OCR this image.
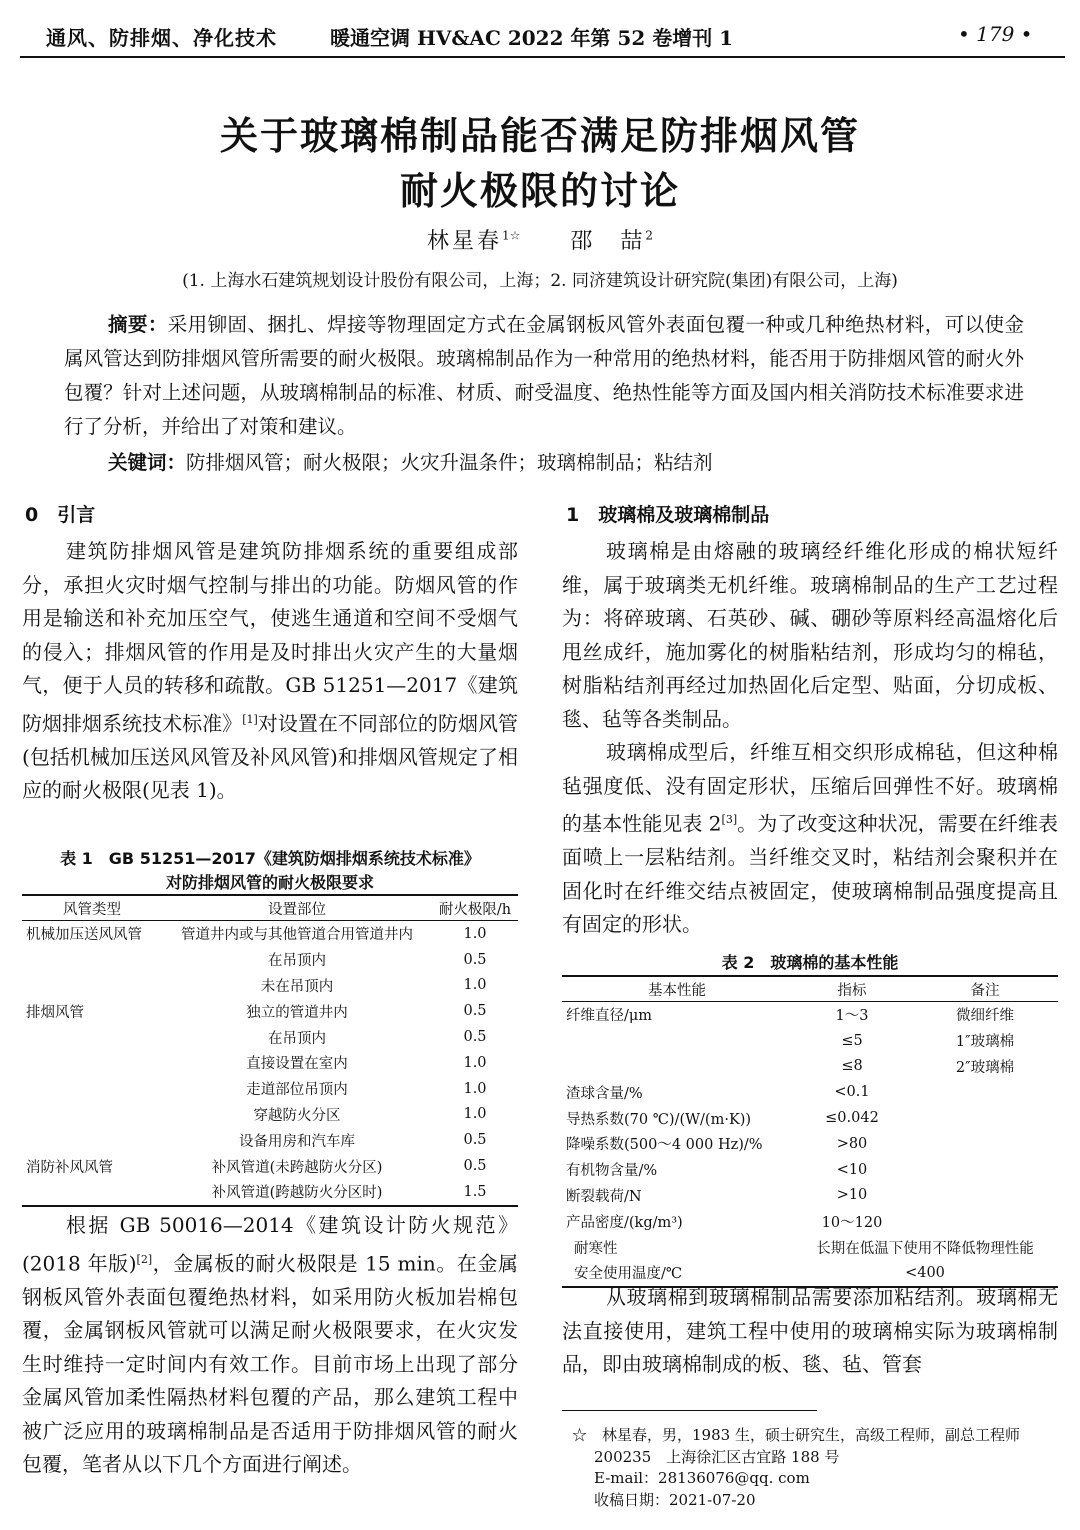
通风、防排烟、净化技术	暖通空调 HV&AC 2022 年第 52 卷增刊 1	• 179 •
关于玻璃棉制品能否满足防排烟风管
耐火极限的讨论
林星春$^{1☆}$ 邵　喆$^2$
(1. 上海水石建筑规划设计股份有限公司，上海；2. 同济建筑设计研究院(集团)有限公司，上海)
摘要：采用铆固、捆扎、焊接等物理固定方式在金属钢板风管外表面包覆一种或几种绝热材料，可以使金属风管达到防排烟风管所需要的耐火极限。玻璃棉制品作为一种常用的绝热材料，能否用于防排烟风管的耐火外包覆？针对上述问题，从玻璃棉制品的标准、材质、耐受温度、绝热性能等方面及国内相关消防技术标准要求进行了分析，并给出了对策和建议。
关键词：防排烟风管；耐火极限；火灾升温条件；玻璃棉制品；粘结剂
0　引言

建筑防排烟风管是建筑防排烟系统的重要组成部分，承担火灾时烟气控制与排出的功能。防烟风管的作用是输送和补充加压空气，使逃生通道和空间不受烟气的侵入；排烟风管的作用是及时排出火灾产生的大量烟气，便于人员的转移和疏散。GB 51251—2017《建筑防烟排烟系统技术标准》[1]对设置在不同部位的防烟风管(包括机械加压送风风管及补风风管)和排烟风管规定了相应的耐火极限(见表 1)。

表 1　GB 51251—2017《建筑防烟排烟系统技术标准》
对防排烟风管的耐火极限要求
风管类型	设置部位	耐火极限/h
机械加压送风风管	管道井内或与其他管道合用管道井内	1.0
	在吊顶内	0.5
	未在吊顶内	1.0
排烟风管	独立的管道井内	0.5
	在吊顶内	0.5
	直接设置在室内	1.0
	走道部位吊顶内	1.0
	穿越防火分区	1.0
	设备用房和汽车库	0.5
消防补风风管	补风管道(未跨越防火分区)	0.5
	补风管道(跨越防火分区时)	1.5

根据 GB 50016—2014《建筑设计防火规范》(2018 年版)[2]，金属板的耐火极限是 15 min。在金属钢板风管外表面包覆绝热材料，如采用防火板加岩棉包覆，金属钢板风管就可以满足耐火极限要求，在火灾发生时维持一定时间内有效工作。目前市场上出现了部分金属风管加柔性隔热材料包覆的产品，那么建筑工程中被广泛应用的玻璃棉制品是否适用于防排烟风管的耐火包覆，笔者从以下几个方面进行阐述。

1　玻璃棉及玻璃棉制品

玻璃棉是由熔融的玻璃经纤维化形成的棉状短纤维，属于玻璃类无机纤维。玻璃棉制品的生产工艺过程为：将碎玻璃、石英砂、碱、硼砂等原料经高温熔化后甩丝成纤，施加雾化的树脂粘结剂，形成均匀的棉毡，树脂粘结剂再经过加热固化后定型、贴面，分切成板、毯、毡等各类制品。

玻璃棉成型后，纤维互相交织形成棉毡，但这种棉毡强度低、没有固定形状，压缩后回弹性不好。玻璃棉的基本性能见表 2[3]。为了改变这种状况，需要在纤维表面喷上一层粘结剂。当纤维交叉时，粘结剂会聚积并在固化时在纤维交结点被固定，使玻璃棉制品强度提高且有固定的形状。

表 2　玻璃棉的基本性能
基本性能	指标	备注
纤维直径/μm	1～3	微细纤维
	≤5	1″玻璃棉
	≤8	2″玻璃棉
渣球含量/%	<0.1	
导热系数(70 ℃)/(W/(m·K))	≤0.042	
降噪系数(500～4 000 Hz)/%	>80	
有机物含量/%	<10	
断裂载荷/N	>10	
产品密度/(kg/m³)	10～120	
耐寒性	长期在低温下使用不降低物理性能	
安全使用温度/℃	<400	

从玻璃棉到玻璃棉制品需要添加粘结剂。玻璃棉无法直接使用，建筑工程中使用的玻璃棉实际为玻璃棉制品，即由玻璃棉制成的板、毯、毡、管套

☆　林星春，男，1983 生，硕士研究生，高级工程师，副总工程师
200235　上海徐汇区古宜路 188 号
E-mail：28136076@qq. com
收稿日期：2021-07-20
